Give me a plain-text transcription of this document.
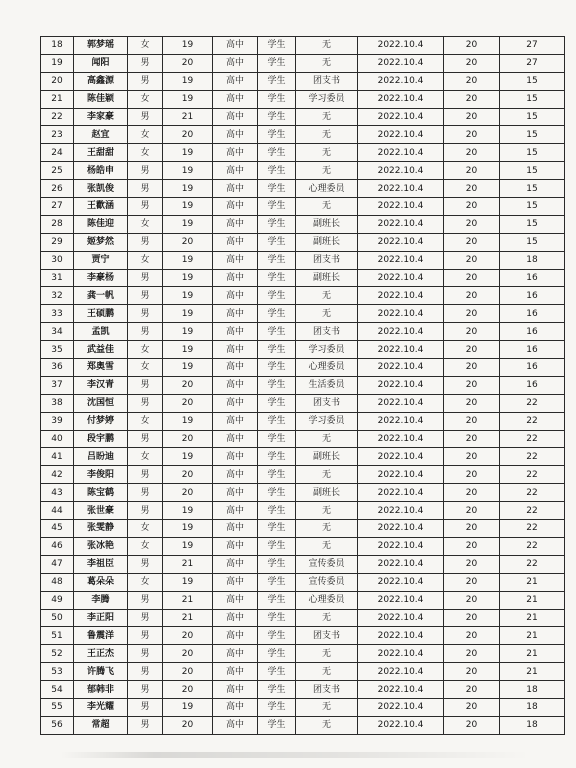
18	郭梦瑶	女	19	高中	学生	无	2022.10.4	20	27
19	闻阳	男	20	高中	学生	无	2022.10.4	20	27
20	高鑫源	男	19	高中	学生	团支书	2022.10.4	20	15
21	陈佳颖	女	19	高中	学生	学习委员	2022.10.4	20	15
22	李家豪	男	21	高中	学生	无	2022.10.4	20	15
23	赵宜	女	20	高中	学生	无	2022.10.4	20	15
24	王甜甜	女	19	高中	学生	无	2022.10.4	20	15
25	杨皓申	男	19	高中	学生	无	2022.10.4	20	15
26	张凯俊	男	19	高中	学生	心理委员	2022.10.4	20	15
27	王歡涵	男	19	高中	学生	无	2022.10.4	20	15
28	陈佳迎	女	19	高中	学生	副班长	2022.10.4	20	15
29	姬梦然	男	20	高中	学生	副班长	2022.10.4	20	15
30	贾宁	女	19	高中	学生	团支书	2022.10.4	20	18
31	李豪杨	男	19	高中	学生	副班长	2022.10.4	20	16
32	龚一帆	男	19	高中	学生	无	2022.10.4	20	16
33	王硕鹏	男	19	高中	学生	无	2022.10.4	20	16
34	孟凯	男	19	高中	学生	团支书	2022.10.4	20	16
35	武益佳	女	19	高中	学生	学习委员	2022.10.4	20	16
36	郑奥雪	女	19	高中	学生	心理委员	2022.10.4	20	16
37	李汉青	男	20	高中	学生	生活委员	2022.10.4	20	16
38	沈国恒	男	20	高中	学生	团支书	2022.10.4	20	22
39	付梦婷	女	19	高中	学生	学习委员	2022.10.4	20	22
40	段宇鹏	男	20	高中	学生	无	2022.10.4	20	22
41	吕盼迪	女	19	高中	学生	副班长	2022.10.4	20	22
42	李俊阳	男	20	高中	学生	无	2022.10.4	20	22
43	陈宝鹤	男	20	高中	学生	副班长	2022.10.4	20	22
44	张世豪	男	19	高中	学生	无	2022.10.4	20	22
45	张雯静	女	19	高中	学生	无	2022.10.4	20	22
46	张冰艳	女	19	高中	学生	无	2022.10.4	20	22
47	李祖臣	男	21	高中	学生	宣传委员	2022.10.4	20	22
48	葛朵朵	女	19	高中	学生	宣传委员	2022.10.4	20	21
49	李腾	男	21	高中	学生	心理委员	2022.10.4	20	21
50	李正阳	男	21	高中	学生	无	2022.10.4	20	21
51	鲁震洋	男	20	高中	学生	团支书	2022.10.4	20	21
52	王正杰	男	20	高中	学生	无	2022.10.4	20	21
53	许腾飞	男	20	高中	学生	无	2022.10.4	20	21
54	郁韩非	男	20	高中	学生	团支书	2022.10.4	20	18
55	李光耀	男	19	高中	学生	无	2022.10.4	20	18
56	常超	男	20	高中	学生	无	2022.10.4	20	18
